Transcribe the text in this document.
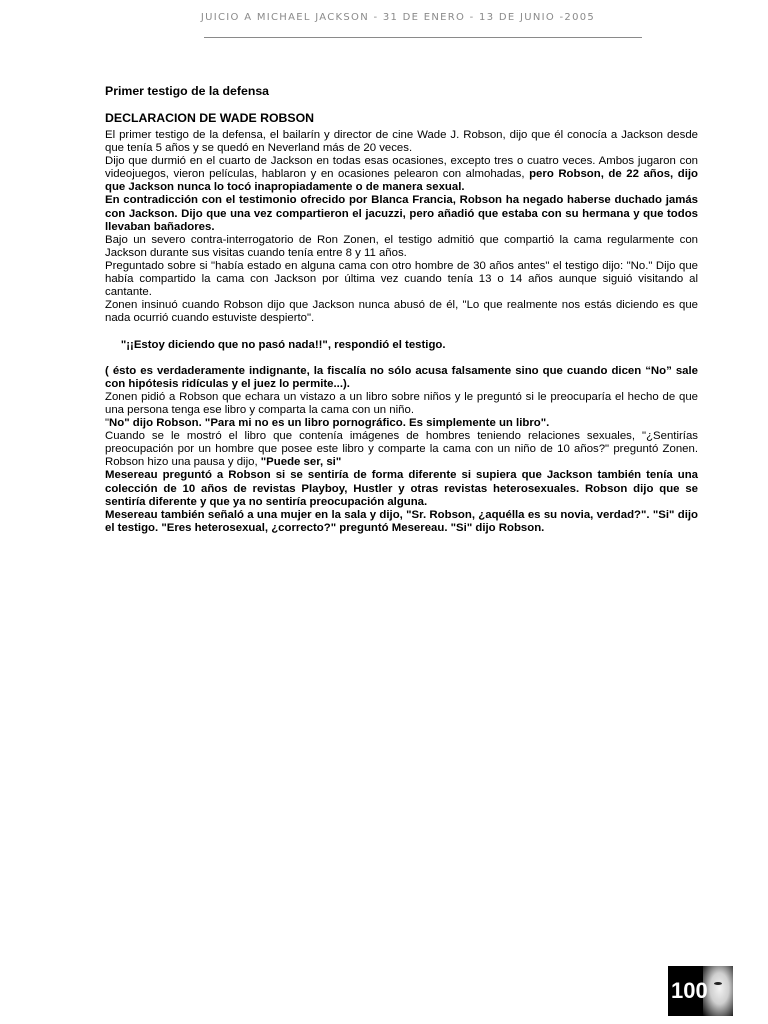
JUICIO A MICHAEL JACKSON - 31 DE ENERO - 13 DE JUNIO -2005
Primer testigo de la defensa
DECLARACION DE WADE ROBSON

El primer testigo de la defensa, el bailarín y director de cine Wade J. Robson, dijo que él conocía a Jackson desde que tenía 5 años y se quedó en Neverland más de 20 veces.

Dijo que durmió en el cuarto de Jackson en todas esas ocasiones, excepto tres o cuatro veces. Ambos jugaron con videojuegos, vieron películas, hablaron y en ocasiones pelearon con almohadas, pero Robson, de 22 años, dijo que Jackson nunca lo tocó inapropiadamente o de manera sexual.

En contradicción con el testimonio ofrecido por Blanca Francia, Robson ha negado haberse duchado jamás con Jackson. Dijo que una vez compartieron el jacuzzi, pero añadió que estaba con su hermana y que todos llevaban bañadores.

Bajo un severo contra-interrogatorio de Ron Zonen, el testigo admitió que compartió la cama regularmente con Jackson durante sus visitas cuando tenía entre 8 y 11 años.

Preguntado sobre si "había estado en alguna cama con otro hombre de 30 años antes" el testigo dijo: "No." Dijo que había compartido la cama con Jackson por última vez cuando tenía 13 o 14 años aunque siguió visitando al cantante.

Zonen insinuó cuando Robson dijo que Jackson nunca abusó de él, "Lo que realmente nos estás diciendo es que nada ocurrió cuando estuviste despierto".

"¡¡Estoy diciendo que no pasó nada!!", respondió el testigo.

( ésto es verdaderamente indignante, la fiscalía no sólo acusa falsamente sino que cuando dicen “No” sale con hipótesis ridículas y el juez lo permite...).

Zonen pidió a Robson que echara un vistazo a un libro sobre niños y le preguntó si le preocuparía el hecho de que una persona tenga ese libro y comparta la cama con un niño.

"No" dijo Robson. "Para mi no es un libro pornográfico. Es simplemente un libro".

Cuando se le mostró el libro que contenía imágenes de hombres teniendo relaciones sexuales, "¿Sentirías preocupación por un hombre que posee este libro y comparte la cama con un niño de 10 años?" preguntó Zonen. Robson hizo una pausa y dijo, "Puede ser, si"

Mesereau preguntó a Robson si se sentiría de forma diferente si supiera que Jackson también tenía una colección de 10 años de revistas Playboy, Hustler y otras revistas heterosexuales. Robson dijo que se sentiría diferente y que ya no sentiría preocupación alguna.

Mesereau también señaló a una mujer en la sala y dijo, "Sr. Robson, ¿aquélla es su novia, verdad?". "Si" dijo el testigo. "Eres heterosexual, ¿correcto?" preguntó Mesereau. "Si" dijo Robson.

100
